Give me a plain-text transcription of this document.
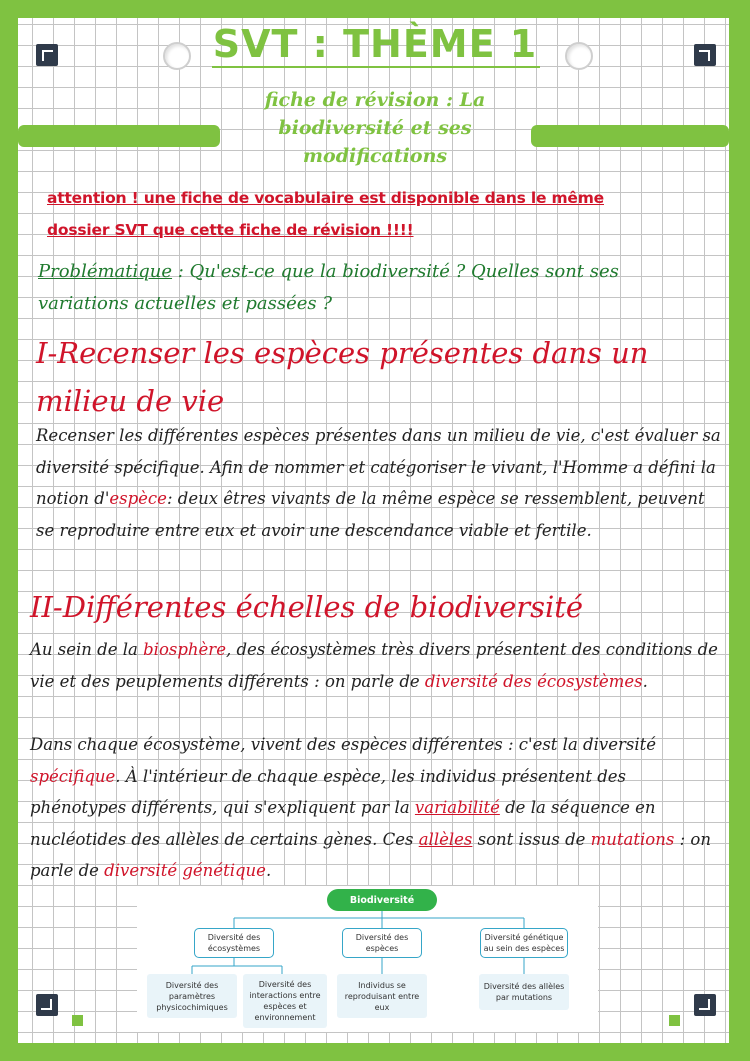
SVT : THÈME 1
fiche de révision : La biodiversité et ses modifications
attention ! une fiche de vocabulaire est disponible dans le même
dossier SVT que cette fiche de révision !!!!
Problématique : Qu'est-ce que la biodiversité ? Quelles sont ses variations actuelles et passées ?
I-Recenser les espèces présentes dans un milieu de vie
Recenser les différentes espèces présentes dans un milieu de vie, c'est évaluer sa diversité spécifique. Afin de nommer et catégoriser le vivant, l'Homme a défini la notion d'espèce: deux êtres vivants de la même espèce se ressemblent, peuvent se reproduire entre eux et avoir une descendance viable et fertile.
II-Différentes échelles de biodiversité
Au sein de la biosphère, des écosystèmes très divers présentent des conditions de vie et des peuplements différents : on parle de diversité des écosystèmes.
Dans chaque écosystème, vivent des espèces différentes : c'est la diversité spécifique. À l'intérieur de chaque espèce, les individus présentent des phénotypes différents, qui s'expliquent par la variabilité de la séquence en nucléotides des allèles de certains gènes. Ces allèles sont issus de mutations : on parle de diversité génétique.
Biodiversité
Diversité des écosystèmes
Diversité des espèces
Diversité génétique au sein des espèces
Diversité des paramètres physicochimiques
Diversité des interactions entre espèces et environnement
Individus se reproduisant entre eux
Diversité des allèles par mutations
